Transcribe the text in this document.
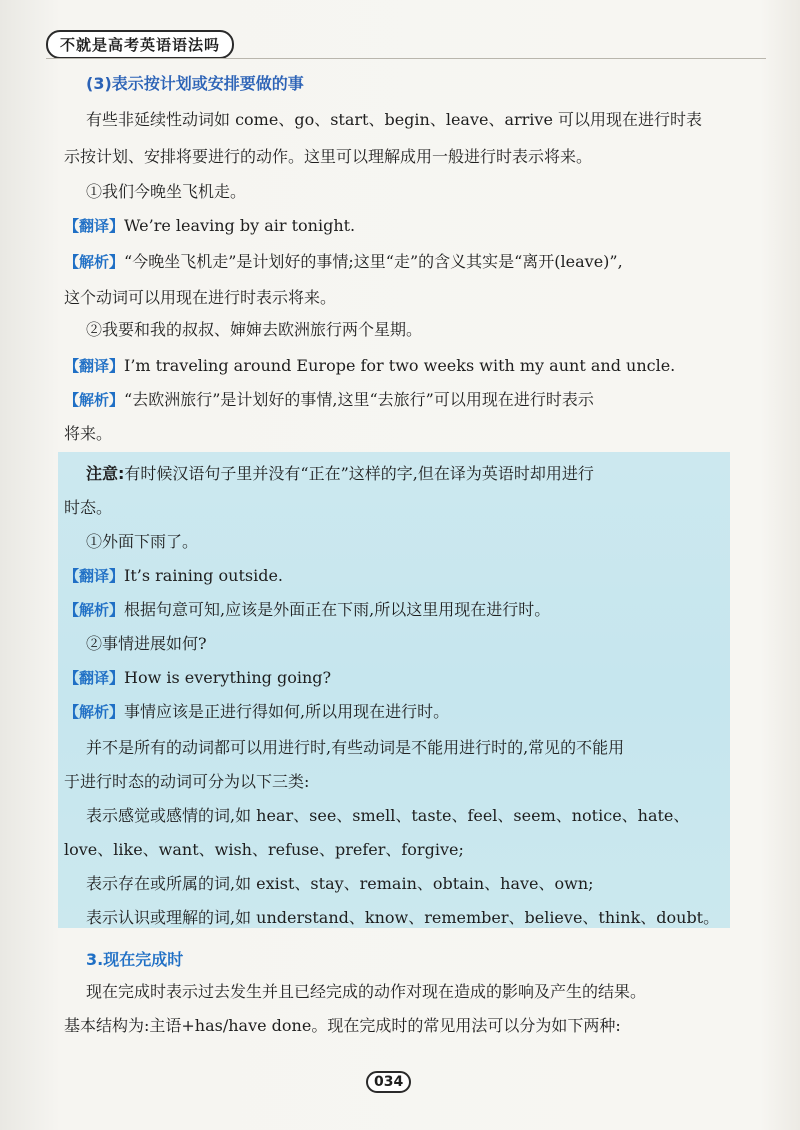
不就是高考英语语法吗
(3)表示按计划或安排要做的事
有些非延续性动词如 come、go、start、begin、leave、arrive 可以用现在进行时表
示按计划、安排将要进行的动作。这里可以理解成用一般进行时表示将来。
①我们今晚坐飞机走。
【翻译】We’re leaving by air tonight.
【解析】“今晚坐飞机走”是计划好的事情;这里“走”的含义其实是“离开(leave)”,
这个动词可以用现在进行时表示将来。
②我要和我的叔叔、婶婶去欧洲旅行两个星期。
【翻译】I’m traveling around Europe for two weeks with my aunt and uncle.
【解析】“去欧洲旅行”是计划好的事情,这里“去旅行”可以用现在进行时表示
将来。
注意:有时候汉语句子里并没有“正在”这样的字,但在译为英语时却用进行
时态。
①外面下雨了。
【翻译】It’s raining outside.
【解析】根据句意可知,应该是外面正在下雨,所以这里用现在进行时。
②事情进展如何?
【翻译】How is everything going?
【解析】事情应该是正进行得如何,所以用现在进行时。
并不是所有的动词都可以用进行时,有些动词是不能用进行时的,常见的不能用
于进行时态的动词可分为以下三类:
表示感觉或感情的词,如 hear、see、smell、taste、feel、seem、notice、hate、
love、like、want、wish、refuse、prefer、forgive;
表示存在或所属的词,如 exist、stay、remain、obtain、have、own;
表示认识或理解的词,如 understand、know、remember、believe、think、doubt。
3.现在完成时
现在完成时表示过去发生并且已经完成的动作对现在造成的影响及产生的结果。
基本结构为:主语+has/have done。现在完成时的常见用法可以分为如下两种:
034
